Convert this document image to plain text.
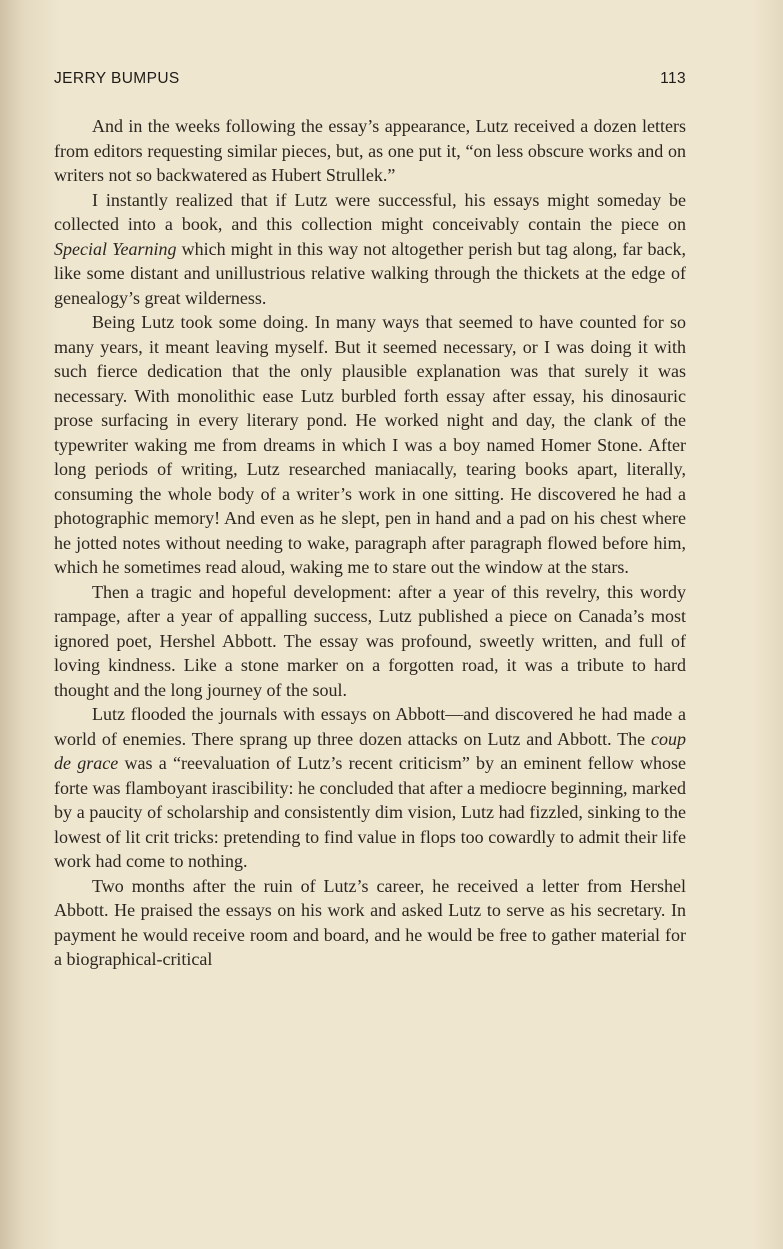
JERRY BUMPUS	113

And in the weeks following the essay’s appearance, Lutz received a dozen letters from editors requesting similar pieces, but, as one put it, “on less obscure works and on writers not so backwatered as Hubert Strullek.”

I instantly realized that if Lutz were successful, his essays might someday be collected into a book, and this collection might conceivably contain the piece on Special Yearning which might in this way not altogether perish but tag along, far back, like some distant and unillustrious relative walking through the thickets at the edge of genealogy’s great wilderness.

Being Lutz took some doing. In many ways that seemed to have counted for so many years, it meant leaving myself. But it seemed necessary, or I was doing it with such fierce dedication that the only plausible explanation was that surely it was necessary. With monolithic ease Lutz burbled forth essay after essay, his dinosauric prose surfacing in every literary pond. He worked night and day, the clank of the typewriter waking me from dreams in which I was a boy named Homer Stone. After long periods of writing, Lutz researched maniacally, tearing books apart, literally, consuming the whole body of a writer’s work in one sitting. He discovered he had a photographic memory! And even as he slept, pen in hand and a pad on his chest where he jotted notes without needing to wake, paragraph after paragraph flowed before him, which he sometimes read aloud, waking me to stare out the window at the stars.

Then a tragic and hopeful development: after a year of this revelry, this wordy rampage, after a year of appalling success, Lutz published a piece on Canada’s most ignored poet, Hershel Abbott. The essay was profound, sweetly written, and full of loving kindness. Like a stone marker on a forgotten road, it was a tribute to hard thought and the long journey of the soul.

Lutz flooded the journals with essays on Abbott—and discovered he had made a world of enemies. There sprang up three dozen attacks on Lutz and Abbott. The coup de grace was a “reevaluation of Lutz’s recent criticism” by an eminent fellow whose forte was flamboyant irascibility: he concluded that after a mediocre beginning, marked by a paucity of scholarship and consistently dim vision, Lutz had fizzled, sinking to the lowest of lit crit tricks: pretending to find value in flops too cowardly to admit their life work had come to nothing.

Two months after the ruin of Lutz’s career, he received a letter from Hershel Abbott. He praised the essays on his work and asked Lutz to serve as his secretary. In payment he would receive room and board, and he would be free to gather material for a biographical-critical
